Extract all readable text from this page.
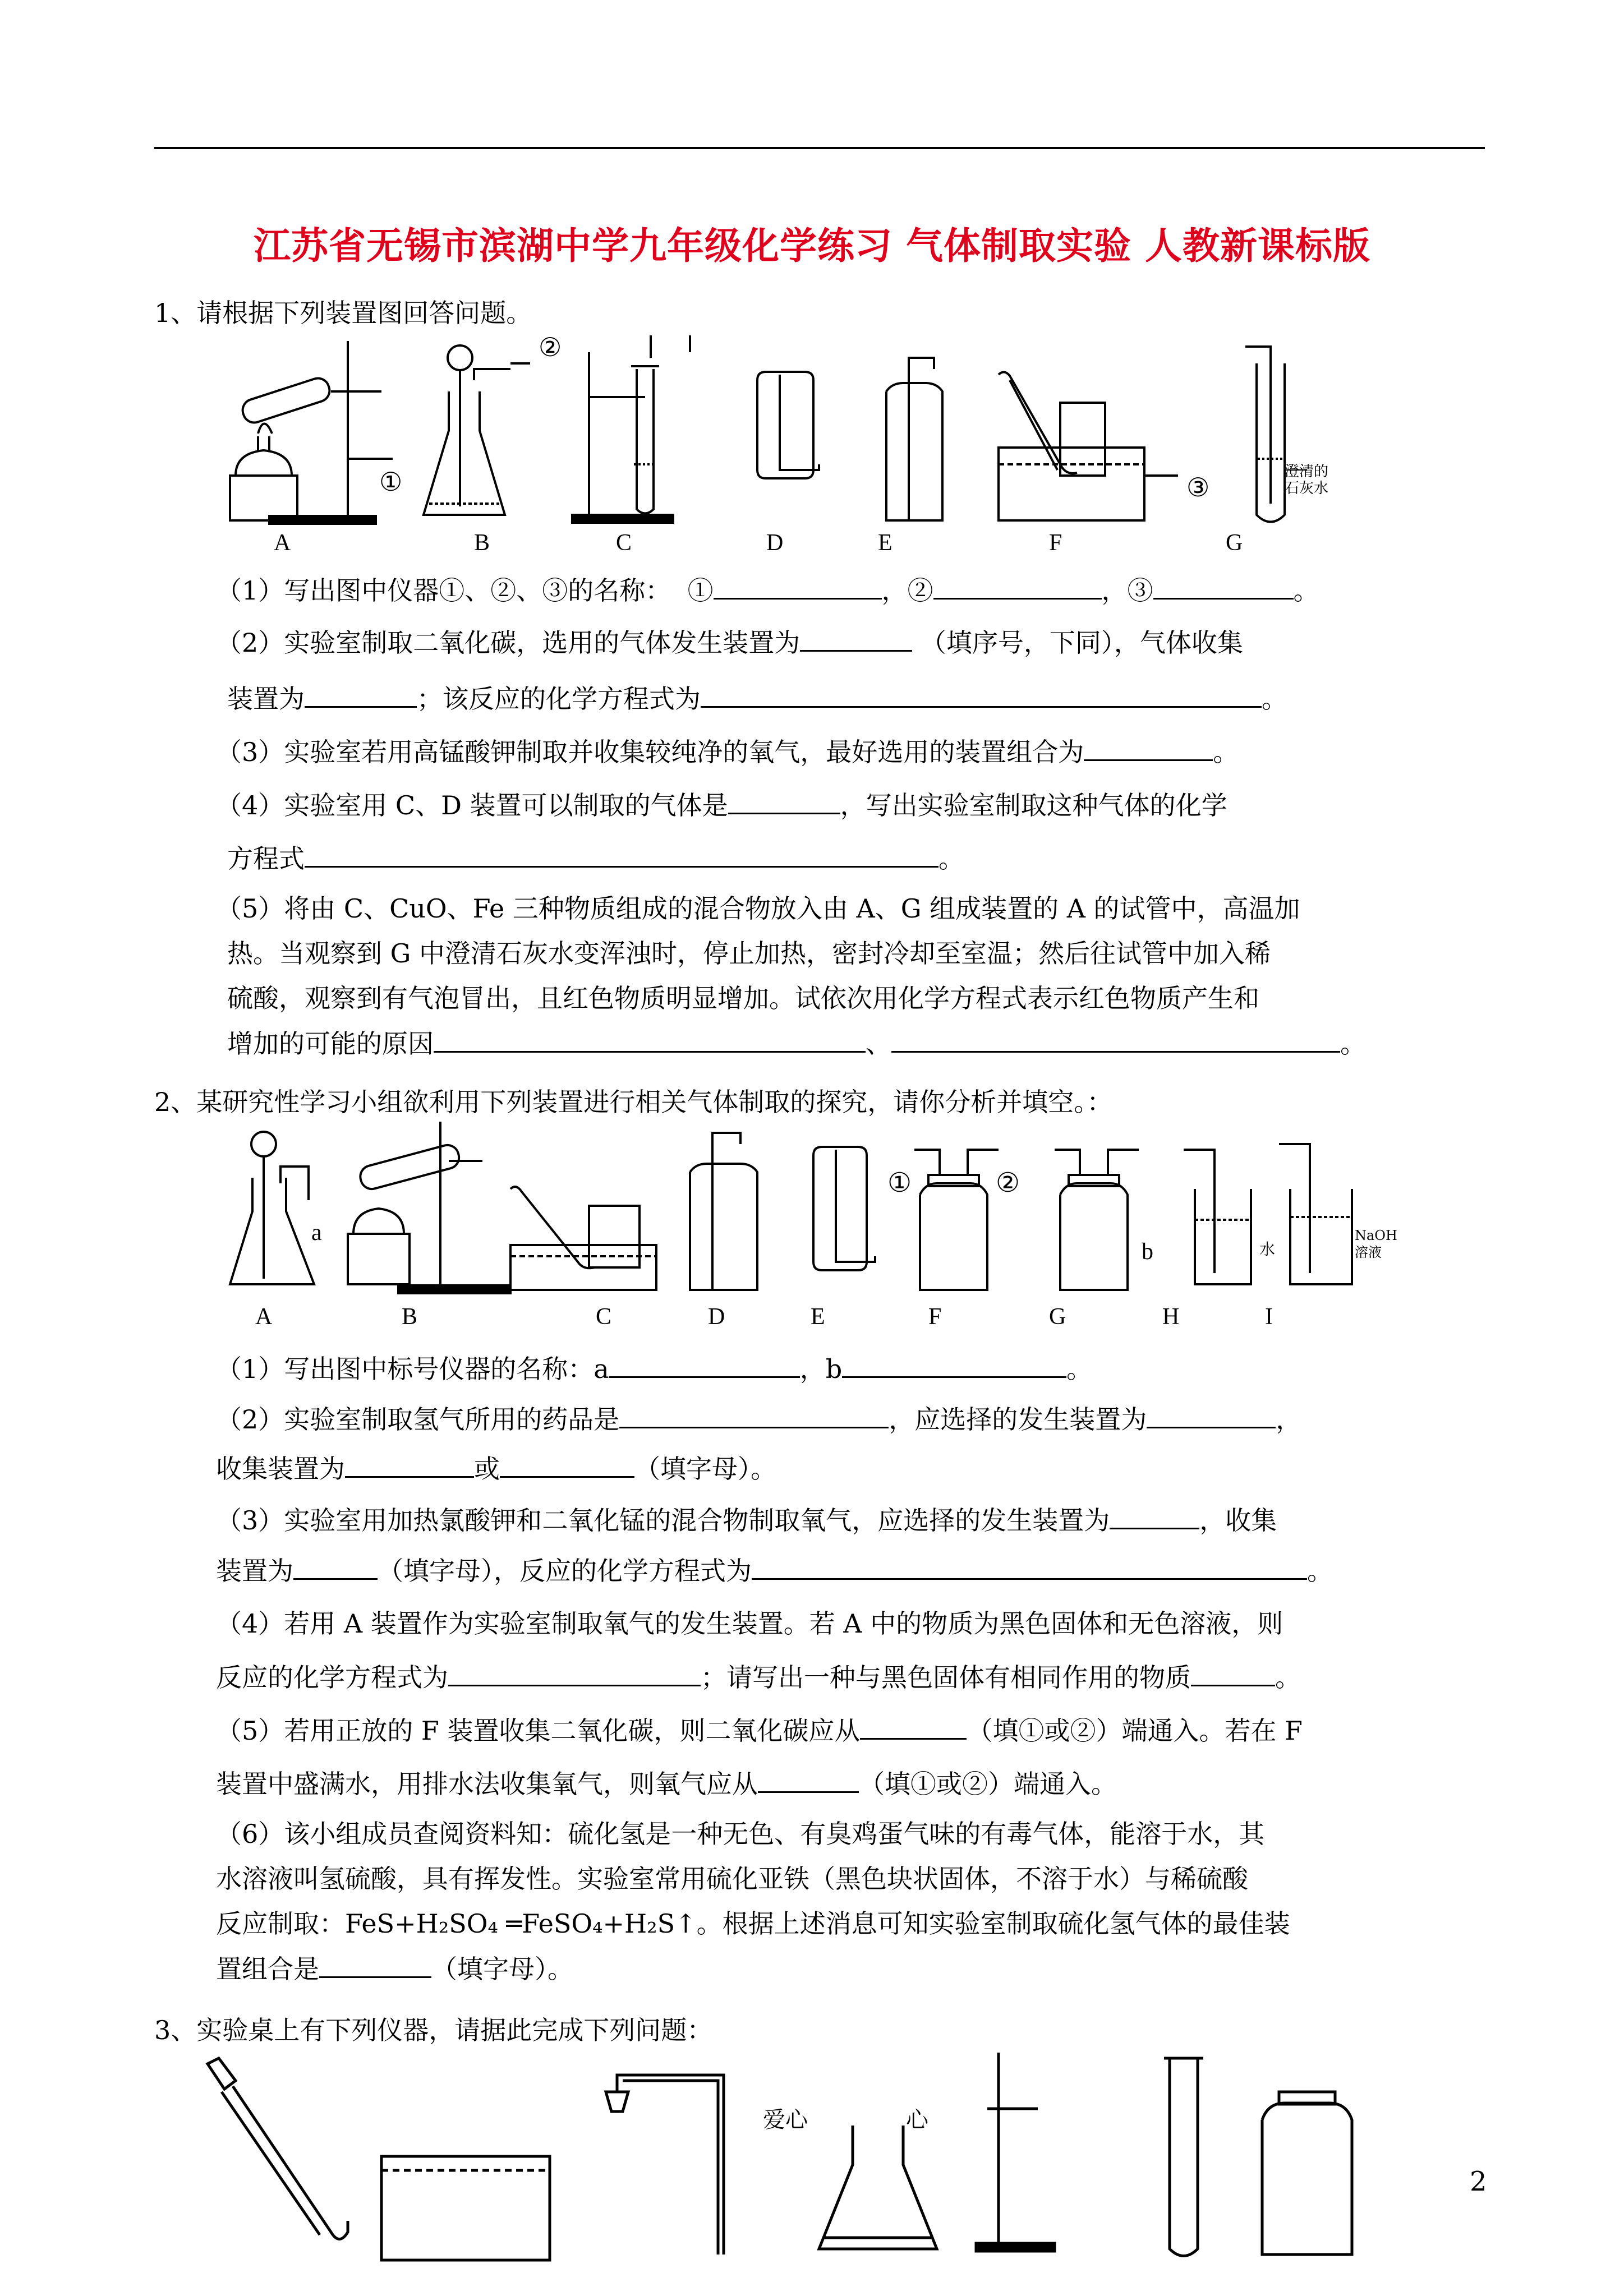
江苏省无锡市滨湖中学九年级化学练习 气体制取实验 人教新课标版
1、请根据下列装置图回答问题。
①
②
③
澄清的石灰水
A	B	C	D	E	F	G
（1）写出图中仪器①、②、③的名称： ①	，②	，③	。
（2）实验室制取二氧化碳，选用的气体发生装置为	（填序号，下同），气体收集
装置为	；该反应的化学方程式为	。
（3）实验室若用高锰酸钾制取并收集较纯净的氧气，最好选用的装置组合为	。
（4）实验室用 C、D 装置可以制取的气体是	，写出实验室制取这种气体的化学
方程式	。
（5）将由 C、CuO、Fe 三种物质组成的混合物放入由 A、G 组成装置的 A 的试管中，高温加
热。当观察到 G 中澄清石灰水变浑浊时，停止加热，密封冷却至室温；然后往试管中加入稀
硫酸，观察到有气泡冒出，且红色物质明显增加。试依次用化学方程式表示红色物质产生和
增加的可能的原因	、	。
2、某研究性学习小组欲利用下列装置进行相关气体制取的探究，请你分析并填空。：
a
b
①	②
水
NaOH
溶液
A	B	C	D	E	F	G	H	I
（1）写出图中标号仪器的名称：a	，b	。
（2）实验室制取氢气所用的药品是	，应选择的发生装置为	，
收集装置为	或	（填字母）。
（3）实验室用加热氯酸钾和二氧化锰的混合物制取氧气，应选择的发生装置为	，收集
装置为	（填字母），反应的化学方程式为	。
（4）若用 A 装置作为实验室制取氧气的发生装置。若 A 中的物质为黑色固体和无色溶液，则
反应的化学方程式为	；请写出一种与黑色固体有相同作用的物质	。
（5）若用正放的 F 装置收集二氧化碳，则二氧化碳应从	（填①或②）端通入。若在 F
装置中盛满水，用排水法收集氧气，则氧气应从	（填①或②）端通入。
（6）该小组成员查阅资料知：硫化氢是一种无色、有臭鸡蛋气味的有毒气体，能溶于水，其
水溶液叫氢硫酸，具有挥发性。实验室常用硫化亚铁（黑色块状固体，不溶于水）与稀硫酸
反应制取：FeS+H₂SO₄ ═FeSO₄+H₂S↑。根据上述消息可知实验室制取硫化氢气体的最佳装
置组合是	（填字母）。
3、实验桌上有下列仪器，请据此完成下列问题：
爱心	心
2
